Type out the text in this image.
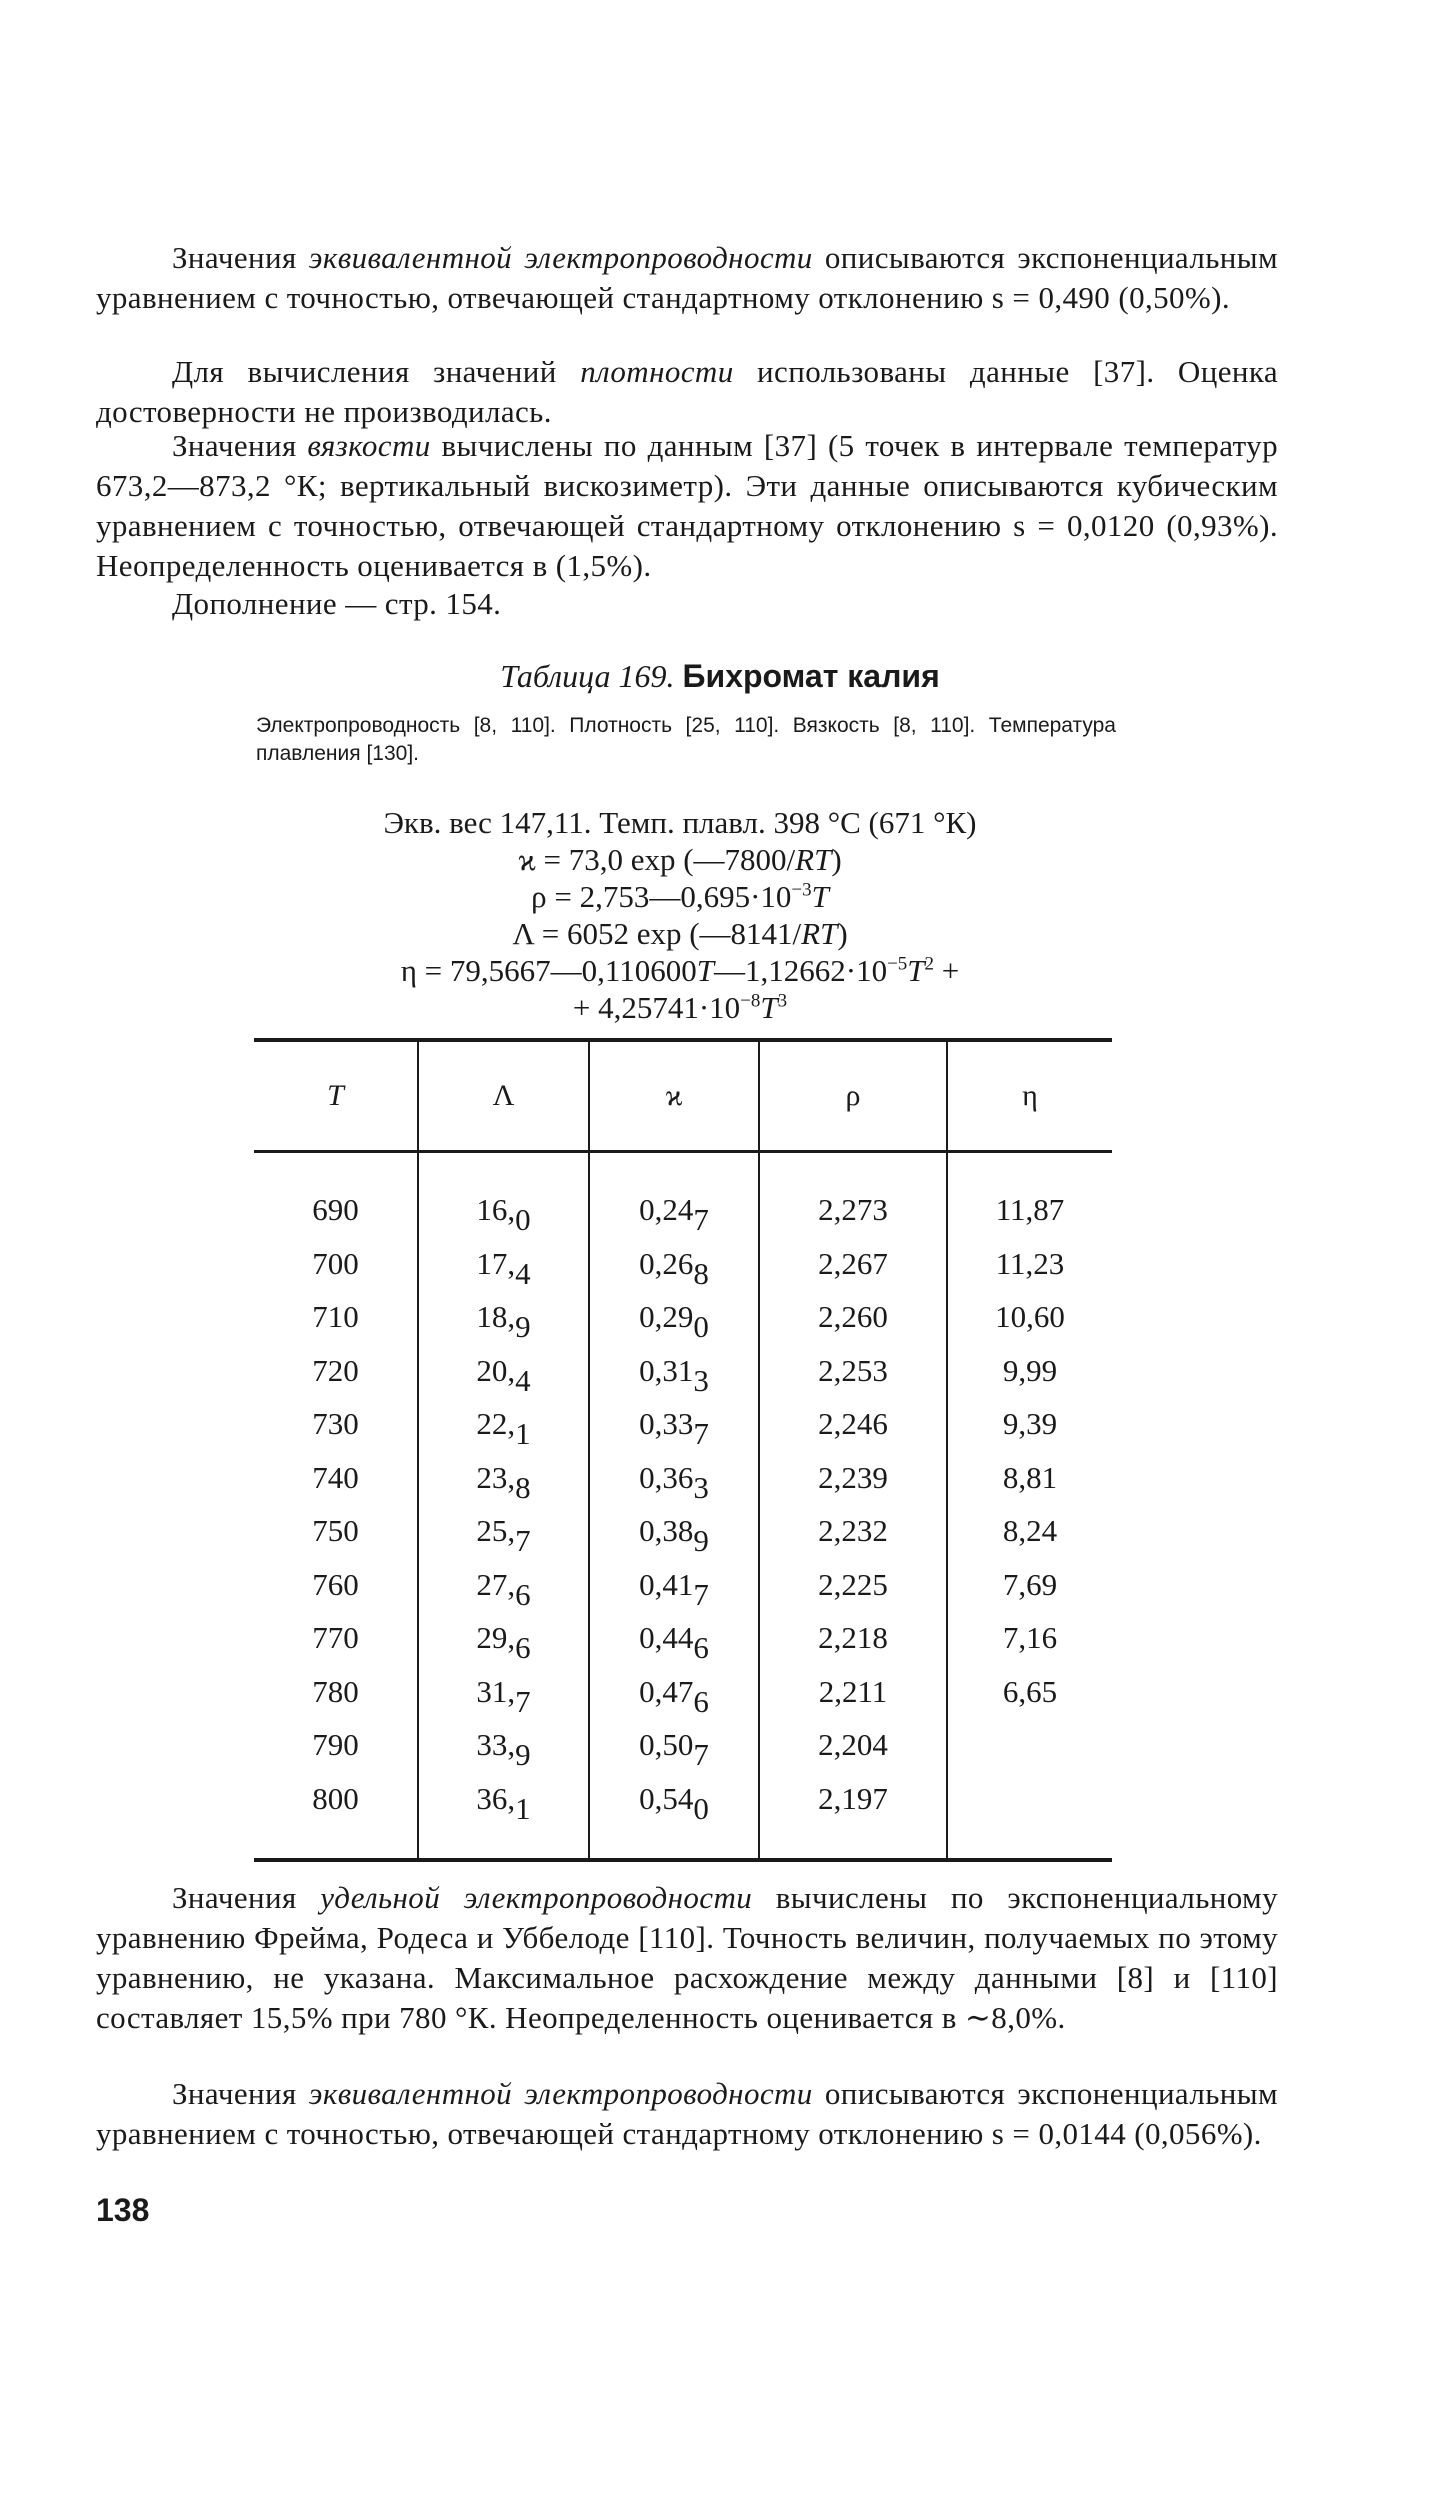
Значения эквивалентной электропроводности описываются экспоненциальным уравнением с точностью, отвечающей стандартному отклонению s = 0,490 (0,50%).
Для вычисления значений плотности использованы данные [37]. Оценка достоверности не производилась.
Значения вязкости вычислены по данным [37] (5 точек в интервале температур 673,2—873,2 °К; вертикальный вискозиметр). Эти данные описываются кубическим уравнением с точностью, отвечающей стандартному отклонению s = 0,0120 (0,93%). Неопределенность оценивается в (1,5%).
Дополнение — стр. 154.
Таблица 169. Бихромат калия
Электропроводность [8, 110]. Плотность [25, 110]. Вязкость [8, 110]. Температура плавления [130].
Экв. вес 147,11. Темп. плавл. 398 °С (671 °К)
ϰ = 73,0 exp (—7800/RT)
$\rho = 2,753—0,695\cdot 10^{-3}T$
Λ = 6052 exp (—8141/RT)
$\eta = 79,5667—0,110600T—1,12662\cdot 10^{-5}T^2$ +
+ $4,25741\cdot 10^{-8}T^3$
T	Λ	ϰ	ρ	η
690	$16,_0$	$0,24_7$	2,273	11,87
700	$17,_4$	$0,26_8$	2,267	11,23
710	$18,_9$	$0,29_0$	2,260	10,60
720	$20,_4$	$0,31_3$	2,253	9,99
730	$22,_1$	$0,33_7$	2,246	9,39
740	$23,_8$	$0,36_3$	2,239	8,81
750	$25,_7$	$0,38_9$	2,232	8,24
760	$27,_6$	$0,41_7$	2,225	7,69
770	$29,_6$	$0,44_6$	2,218	7,16
780	$31,_7$	$0,47_6$	2,211	6,65
790	$33,_9$	$0,50_7$	2,204
800	$36,_1$	$0,54_0$	2,197
Значения удельной электропроводности вычислены по экспоненциальному уравнению Фрейма, Родеса и Уббелоде [110]. Точность величин, получаемых по этому уравнению, не указана. Максимальное расхождение между данными [8] и [110] составляет 15,5% при 780 °К. Неопределенность оценивается в ∼8,0%.
Значения эквивалентной электропроводности описываются экспоненциальным уравнением с точностью, отвечающей стандартному отклонению s = 0,0144 (0,056%).
138
